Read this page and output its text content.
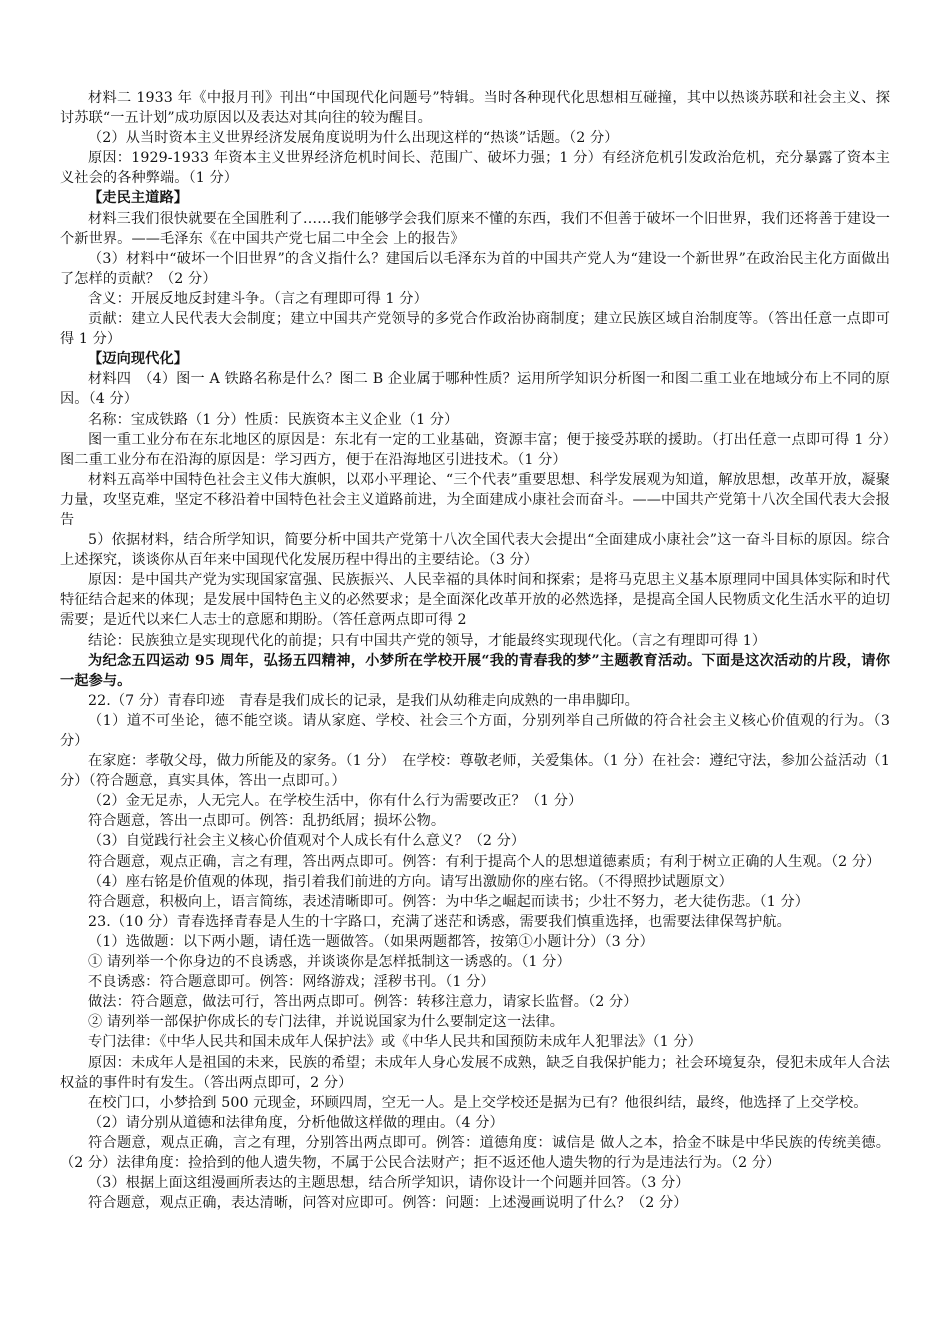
材料二 1933 年《中报月刊》刊出“中国现代化问题号”特辑。当时各种现代化思想相互碰撞，其中以热谈苏联和社会主义、探讨苏联“一五计划”成功原因以及表达对其向往的较为醒目。

（2）从当时资本主义世界经济发展角度说明为什么出现这样的“热谈”话题。（2 分）

原因：1929-1933 年资本主义世界经济危机时间长、范围广、破坏力强；1 分）有经济危机引发政治危机，充分暴露了资本主义社会的各种弊端。（1 分）

【走民主道路】

材料三我们很快就要在全国胜利了……我们能够学会我们原来不懂的东西，我们不但善于破坏一个旧世界，我们还将善于建设一个新世界。——毛泽东《在中国共产党七届二中全会 上的报告》

（3）材料中“破坏一个旧世界”的含义指什么？建国后以毛泽东为首的中国共产党人为“建设一个新世界”在政治民主化方面做出了怎样的贡献？（2 分）

含义：开展反地反封建斗争。（言之有理即可得 1 分）

贡献：建立人民代表大会制度；建立中国共产党领导的多党合作政治协商制度；建立民族区域自治制度等。（答出任意一点即可得 1 分）

【迈向现代化】

材料四　（4）图一 A 铁路名称是什么？图二 B 企业属于哪种性质？运用所学知识分析图一和图二重工业在地域分布上不同的原因。（4 分）

名称：宝成铁路（1 分）性质：民族资本主义企业（1 分）

图一重工业分布在东北地区的原因是：东北有一定的工业基础，资源丰富；便于接受苏联的援助。（打出任意一点即可得 1 分）　 图二重工业分布在沿海的原因是：学习西方，便于在沿海地区引进技术。（1 分）

材料五高举中国特色社会主义伟大旗帜，以邓小平理论、“三个代表”重要思想、科学发展观为知道，解放思想，改革开放，凝聚力量，攻坚克难，坚定不移沿着中国特色社会主义道路前进，为全面建成小康社会而奋斗。——中国共产党第十八次全国代表大会报告

5）依据材料，结合所学知识，简要分析中国共产党第十八次全国代表大会提出“全面建成小康社会”这一奋斗目标的原因。综合上述探究，谈谈你从百年来中国现代化发展历程中得出的主要结论。（3 分）

原因：是中国共产党为实现国家富强、民族振兴、人民幸福的具体时间和探索；是将马克思主义基本原理同中国具体实际和时代特征结合起来的体现；是发展中国特色主义的必然要求；是全面深化改革开放的必然选择，是提高全国人民物质文化生活水平的迫切需要；是近代以来仁人志士的意愿和期盼。（答任意两点即可得 2

结论：民族独立是实现现代化的前提；只有中国共产党的领导，才能最终实现现代化。（言之有理即可得 1）

为纪念五四运动 95 周年，弘扬五四精神，小梦所在学校开展“我的青春我的梦”主题教育活动。下面是这次活动的片段，请你一起参与。

22.（7 分）青春印迹　青春是我们成长的记录，是我们从幼稚走向成熟的一串串脚印。

（1）道不可坐论，德不能空谈。请从家庭、学校、社会三个方面，分别列举自己所做的符合社会主义核心价值观的行为。（3 分）

在家庭：孝敬父母，做力所能及的家务。（1 分）　在学校：尊敬老师，关爱集体。（1 分）在社会：遵纪守法，参加公益活动（1 分）（符合题意，真实具体，答出一点即可。）

（2）金无足赤，人无完人。在学校生活中，你有什么行为需要改正？（1 分）

符合题意，答出一点即可。例答：乱扔纸屑；损坏公物。

（3）自觉践行社会主义核心价值观对个人成长有什么意义？（2 分）

符合题意，观点正确，言之有理，答出两点即可。例答：有利于提高个人的思想道德素质；有利于树立正确的人生观。（2 分）

（4）座右铭是价值观的体现，指引着我们前进的方向。请写出激励你的座右铭。（不得照抄试题原文）

符合题意，积极向上，语言简练，表述清晰即可。例答：为中华之崛起而读书；少壮不努力，老大徒伤悲。（1 分）

23.（10 分）青春选择青春是人生的十字路口，充满了迷茫和诱惑，需要我们慎重选择，也需要法律保驾护航。

（1）选做题：以下两小题，请任选一题做答。（如果两题都答，按第①小题计分）（3 分）

① 请列举一个你身边的不良诱惑，并谈谈你是怎样抵制这一诱惑的。（1 分）

不良诱惑：符合题意即可。例答：网络游戏；淫秽书刊。（1 分）

做法：符合题意，做法可行，答出两点即可。例答：转移注意力，请家长监督。（2 分）

② 请列举一部保护你成长的专门法律，并说说国家为什么要制定这一法律。

专门法律：《中华人民共和国未成年人保护法》或《中华人民共和国预防未成年人犯罪法》（1 分）

原因：未成年人是祖国的未来，民族的希望；未成年人身心发展不成熟，缺乏自我保护能力；社会环境复杂，侵犯未成年人合法权益的事件时有发生。（答出两点即可，2 分）

在校门口，小梦拾到 500 元现金，环顾四周，空无一人。是上交学校还是据为已有？他很纠结，最终，他选择了上交学校。

（2）请分别从道德和法律角度，分析他做这样做的理由。（4 分）

符合题意，观点正确，言之有理，分别答出两点即可。例答：道德角度：诚信是 做人之本，拾金不昧是中华民族的传统美德。（2 分）法律角度：捡拾到的他人遗失物，不属于公民合法财产；拒不返还他人遗失物的行为是违法行为。（2 分）

（3）根据上面这组漫画所表达的主题思想，结合所学知识，请你设计一个问题并回答。（3 分）

符合题意，观点正确，表达清晰，问答对应即可。例答：问题：上述漫画说明了什么？（2 分）
